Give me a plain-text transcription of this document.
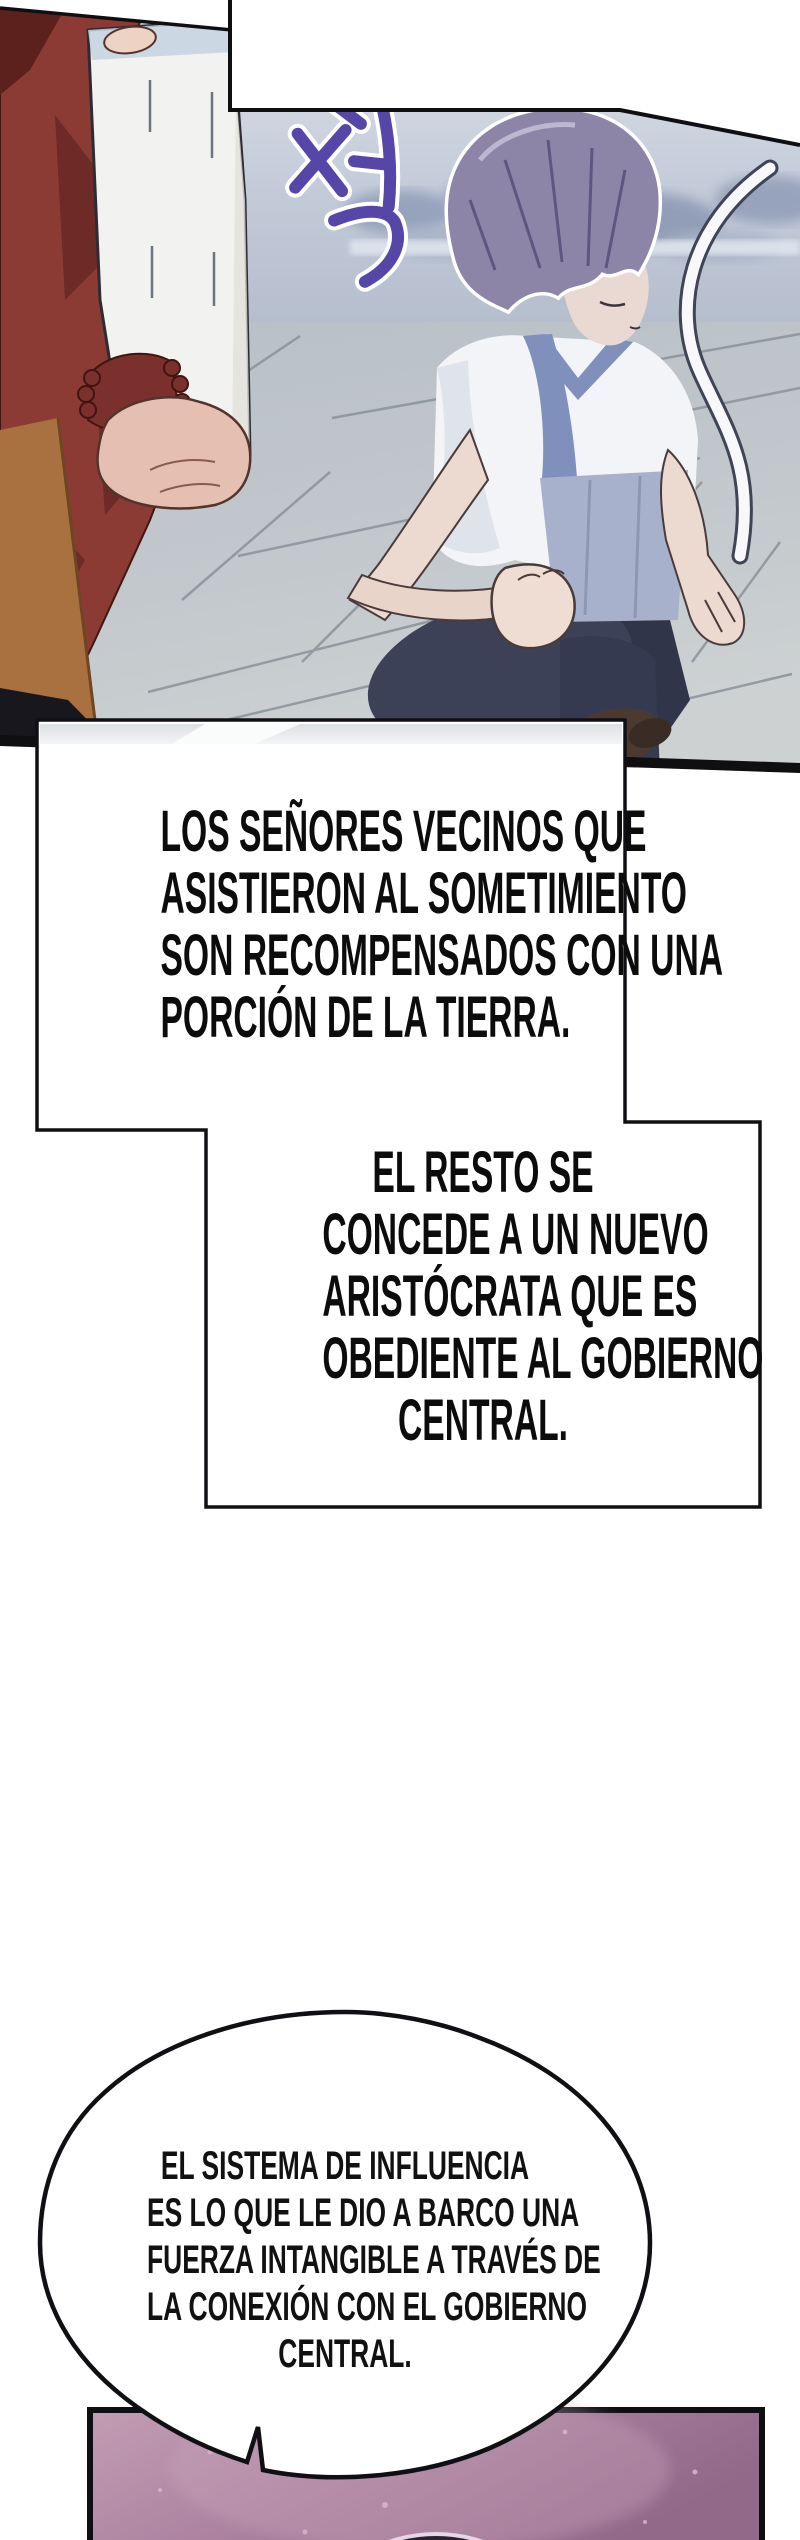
LOS SEÑORES VECINOS QUE
ASISTIERON AL SOMETIMIENTO
SON RECOMPENSADOS CON UNA
PORCIÓN DE LA TIERRA.
EL RESTO SE
CONCEDE A UN NUEVO
ARISTÓCRATA QUE ES
OBEDIENTE AL GOBIERNO
CENTRAL.
EL SISTEMA DE INFLUENCIA
ES LO QUE LE DIO A BARCO UNA
FUERZA INTANGIBLE A TRAVÉS DE
LA CONEXIÓN CON EL GOBIERNO
CENTRAL.
